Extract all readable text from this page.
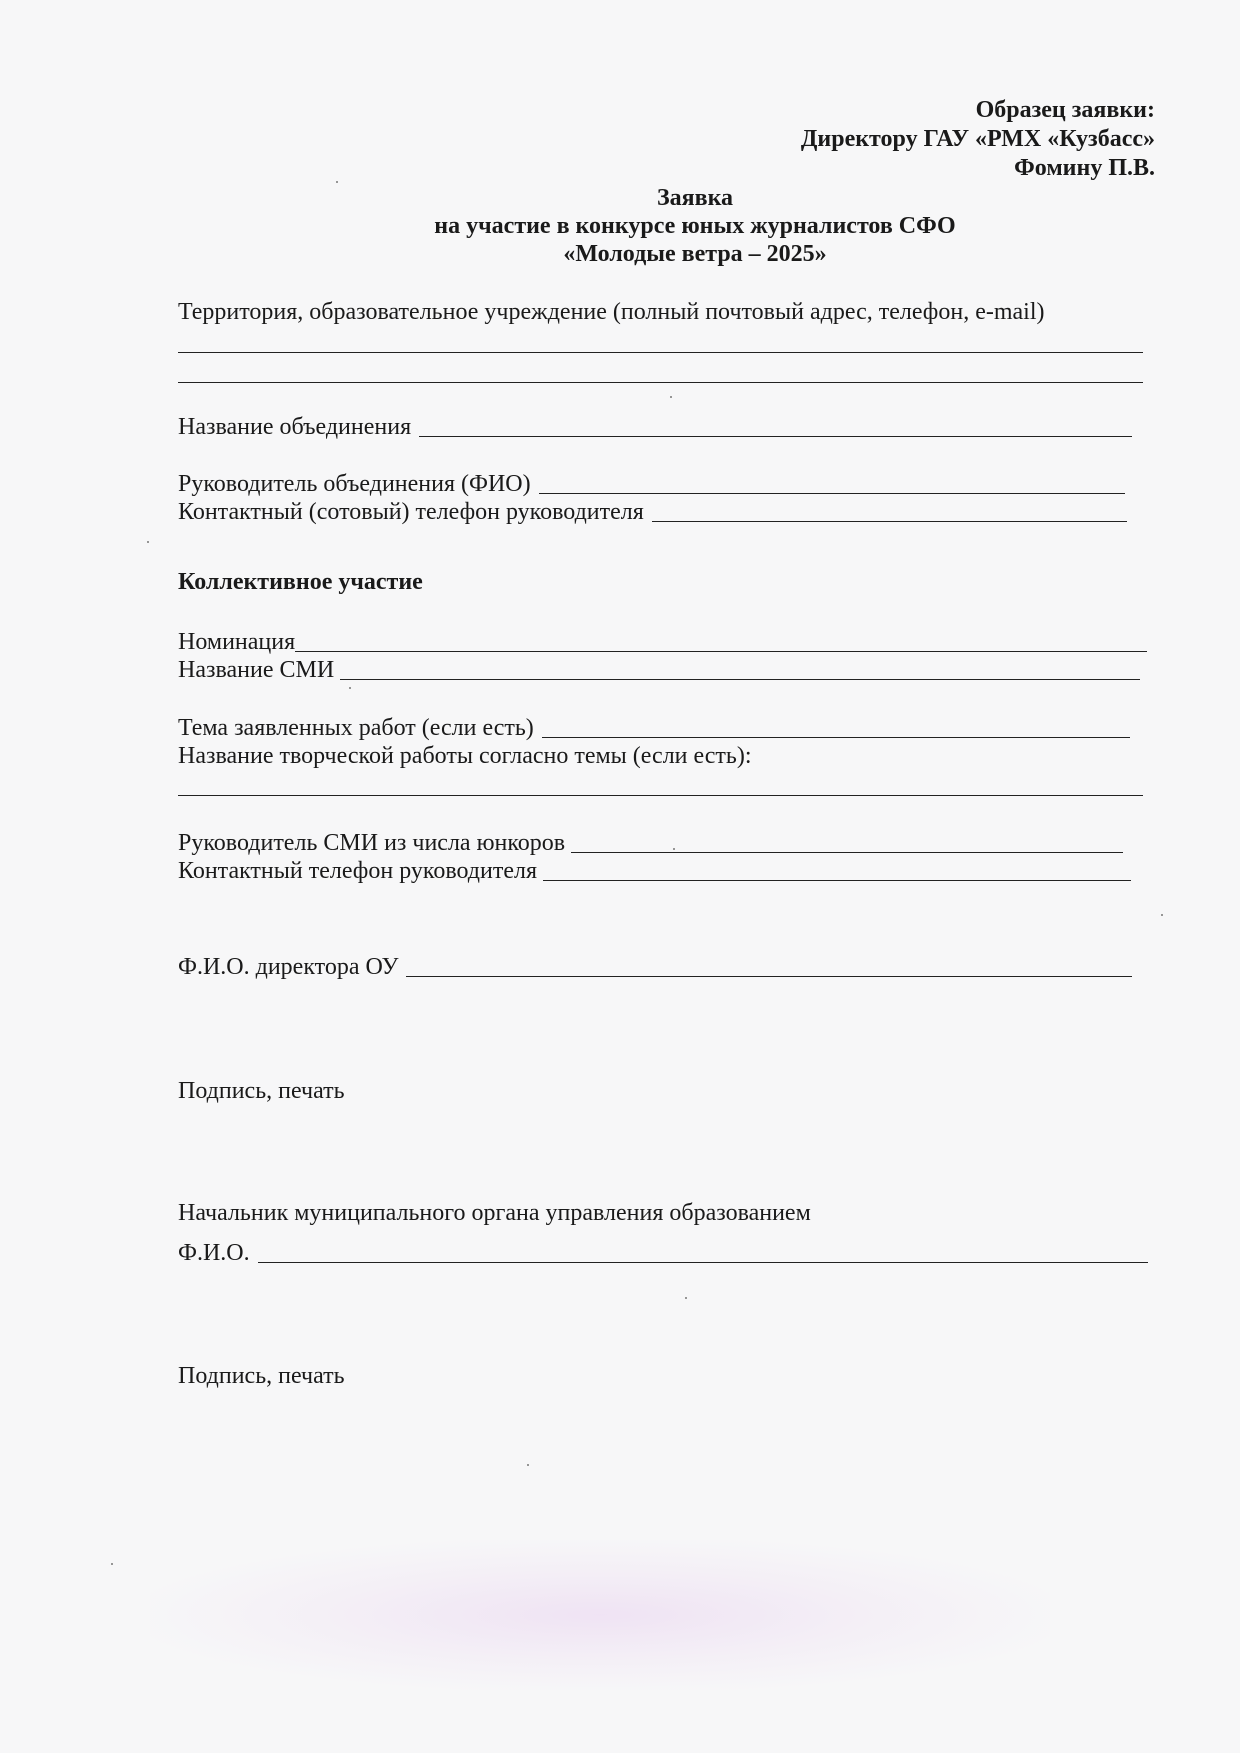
Образец заявки:
Директору ГАУ «РМХ «Кузбасс»
Фомину П.В.
Заявка
на участие в конкурсе юных журналистов СФО
«Молодые ветра – 2025»
Территория, образовательное учреждение (полный почтовый адрес, телефон, e-mail)
Название объединения
Руководитель объединения (ФИО)
Контактный (сотовый) телефон руководителя
Коллективное участие
Номинация
Название СМИ
Тема заявленных работ (если есть)
Название творческой работы согласно темы (если есть):
Руководитель СМИ из числа юнкоров
Контактный телефон руководителя
Ф.И.О. директора ОУ
Подпись, печать
Начальник муниципального органа управления образованием
Ф.И.О.
Подпись, печать
